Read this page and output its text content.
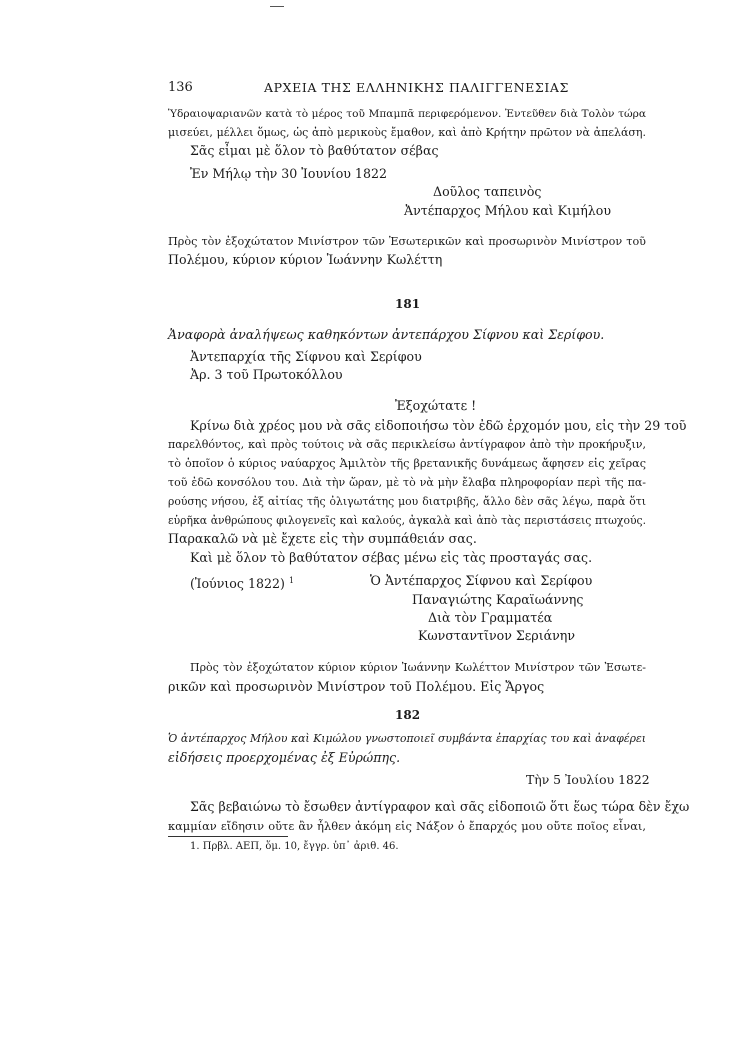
136	ΑΡΧΕΙΑ ΤΗΣ ΕΛΛΗΝΙΚΗΣ ΠΑΛΙΓΓΕΝΕΣΙΑΣ
Ὑδραιοψαριανῶν κατὰ τὸ μέρος τοῦ Μπαμπᾶ περιφερόμενον. Ἐντεῦθεν διὰ Τολὸν τώρα
μισεύει, μέλλει ὅμως, ὡς ἀπὸ μερικοὺς ἔμαθον, καὶ ἀπὸ Κρήτην πρῶτον νὰ ἀπελάση.
Σᾶς εἶμαι μὲ ὅλον τὸ βαθύτατον σέβας
Ἐν Μήλῳ τὴν 30 Ἰουνίου 1822
Δοῦλος ταπεινὸς
Ἀντέπαρχος Μήλου καὶ Κιμήλου
Πρὸς τὸν ἐξοχώτατον Μινίστρον τῶν Ἐσωτερικῶν καὶ προσωρινὸν Μινίστρον τοῦ
Πολέμου, κύριον κύριον Ἰωάννην Κωλέττη
181
Ἀναφορὰ ἀναλήψεως καθηκόντων ἀντεπάρχου Σίφνου καὶ Σερίφου.
Ἀντεπαρχία τῆς Σίφνου καὶ Σερίφου
Ἀρ. 3 τοῦ Πρωτοκόλλου
Ἐξοχώτατε !
Κρίνω διὰ χρέος μου νὰ σᾶς εἰδοποιήσω τὸν ἐδῶ ἐρχομόν μου, εἰς τὴν 29 τοῦ
παρελθόντος, καὶ πρὸς τούτοις νὰ σᾶς περικλείσω ἀντίγραφον ἀπὸ τὴν προκήρυξιν,
τὸ ὁποῖον ὁ κύριος ναύαρχος Ἀμιλτὸν τῆς βρετανικῆς δυνάμεως ἄφησεν εἰς χεῖρας
τοῦ ἐδῶ κονσόλου του. Διὰ τὴν ὥραν, μὲ τὸ νὰ μὴν ἔλαβα πληροφορίαν περὶ τῆς πα-
ρούσης νήσου, ἐξ αἰτίας τῆς ὀλιγωτάτης μου διατριβῆς, ἄλλο δὲν σᾶς λέγω, παρὰ ὅτι
εὑρῆκα ἀνθρώπους φιλογενεῖς καὶ καλούς, ἀγκαλὰ καὶ ἀπὸ τὰς περιστάσεις πτωχούς.
Παρακαλῶ νὰ μὲ ἔχετε εἰς τὴν συμπάθειάν σας.
Καὶ μὲ ὅλον τὸ βαθύτατον σέβας μένω εἰς τὰς προσταγάς σας.
(Ἰούνιος 1822) $^1$	Ὁ Ἀντέπαρχος Σίφνου καὶ Σερίφου
Παναγιώτης Καραϊωάννης
Διὰ τὸν Γραμματέα
Κωνσταντῖνον Σεριάνην
Πρὸς τὸν ἐξοχώτατον κύριον κύριον Ἰωάννην Κωλέττον Μινίστρον τῶν Ἐσωτε-
ρικῶν καὶ προσωρινὸν Μινίστρον τοῦ Πολέμου. Εἰς Ἄργος
182
Ὁ ἀντέπαρχος Μήλου καὶ Κιμώλου γνωστοποιεῖ συμβάντα ἐπαρχίας του καὶ ἀναφέρει
εἰδήσεις προερχομένας ἐξ Εὐρώπης.
Τὴν 5 Ἰουλίου 1822
Σᾶς βεβαιώνω τὸ ἔσωθεν ἀντίγραφον καὶ σᾶς εἰδοποιῶ ὅτι ἕως τώρα δὲν ἔχω
καμμίαν εἴδησιν οὔτε ἂν ἦλθεν ἀκόμη εἰς Νάξον ὁ ἔπαρχός μου οὔτε ποῖος εἶναι,
1. Πρβλ. ΑΕΠ, ὅμ. 10, ἔγγρ. ὑπ᾽ ἀριθ. 46.
